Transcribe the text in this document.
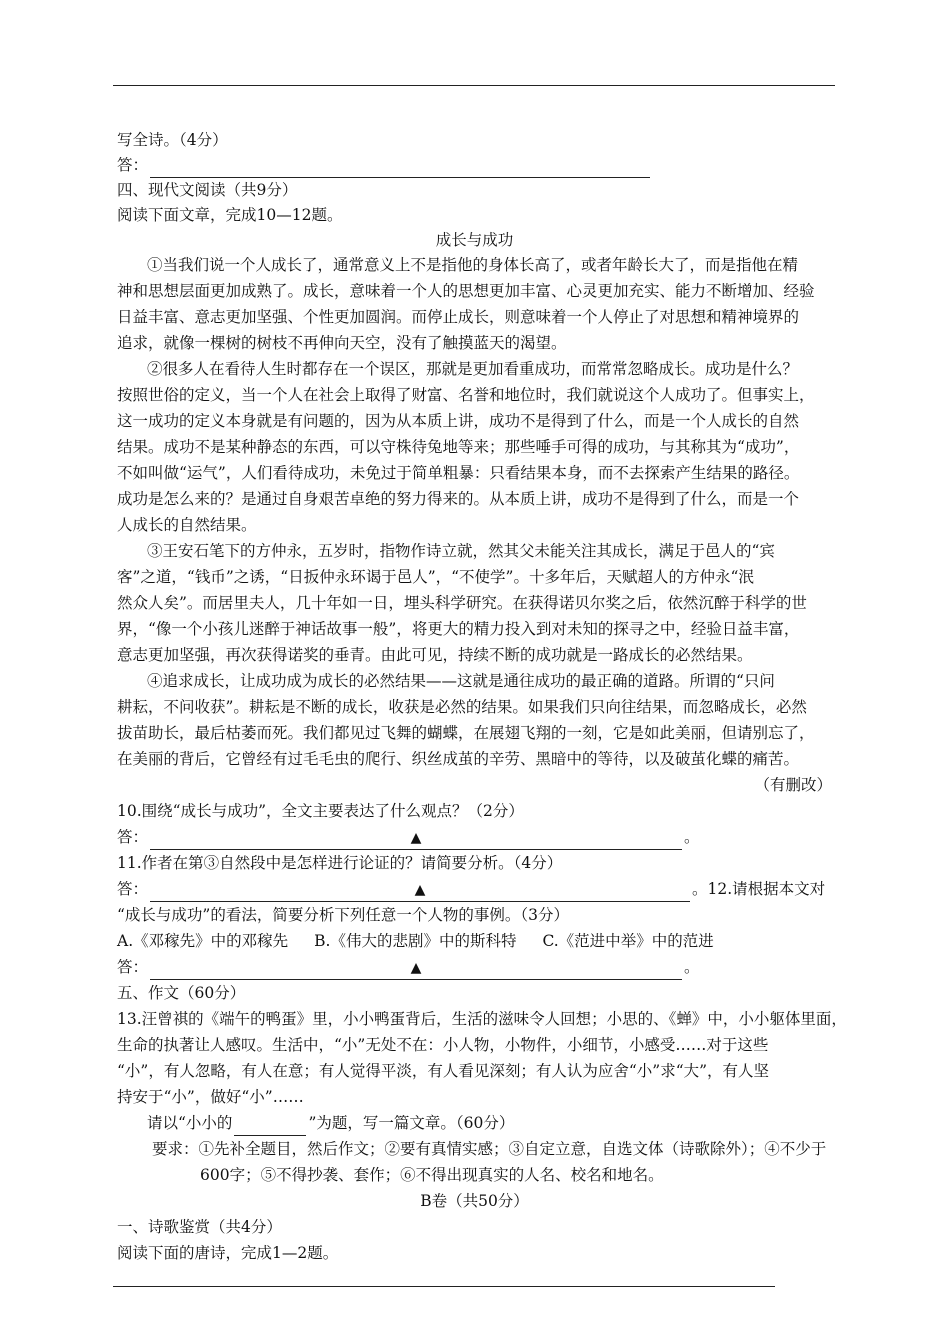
写全诗。（4分）
答：
四、现代文阅读（共9分）
阅读下面文章，完成10—12题。
成长与成功
①当我们说一个人成长了，通常意义上不是指他的身体长高了，或者年龄长大了，而是指他在精
神和思想层面更加成熟了。成长，意味着一个人的思想更加丰富、心灵更加充实、能力不断增加、经验
日益丰富、意志更加坚强、个性更加圆润。而停止成长，则意味着一个人停止了对思想和精神境界的
追求，就像一棵树的树枝不再伸向天空，没有了触摸蓝天的渴望。
②很多人在看待人生时都存在一个误区，那就是更加看重成功，而常常忽略成长。成功是什么？
按照世俗的定义，当一个人在社会上取得了财富、名誉和地位时，我们就说这个人成功了。但事实上，
这一成功的定义本身就是有问题的，因为从本质上讲，成功不是得到了什么，而是一个人成长的自然
结果。成功不是某种静态的东西，可以守株待兔地等来；那些唾手可得的成功，与其称其为“成功”，
不如叫做“运气”，人们看待成功，未免过于简单粗暴：只看结果本身，而不去探索产生结果的路径。
成功是怎么来的？是通过自身艰苦卓绝的努力得来的。从本质上讲，成功不是得到了什么，而是一个
人成长的自然结果。
③王安石笔下的方仲永，五岁时，指物作诗立就，然其父未能关注其成长，满足于邑人的“宾
客”之道，“钱币”之诱，“日扳仲永环谒于邑人”，“不使学”。十多年后，天赋超人的方仲永“泯
然众人矣”。而居里夫人，几十年如一日，埋头科学研究。在获得诺贝尔奖之后，依然沉醉于科学的世
界，“像一个小孩儿迷醉于神话故事一般”，将更大的精力投入到对未知的探寻之中，经验日益丰富，
意志更加坚强，再次获得诺奖的垂青。由此可见，持续不断的成功就是一路成长的必然结果。
④追求成长，让成功成为成长的必然结果——这就是通往成功的最正确的道路。所谓的“只问
耕耘，不问收获”。耕耘是不断的成长，收获是必然的结果。如果我们只向往结果，而忽略成长，必然
拔苗助长，最后枯萎而死。我们都见过飞舞的蝴蝶，在展翅飞翔的一刻，它是如此美丽，但请别忘了，
在美丽的背后，它曾经有过毛毛虫的爬行、织丝成茧的辛劳、黑暗中的等待，以及破茧化蝶的痛苦。
（有删改）
10.围绕“成长与成功”，全文主要表达了什么观点？（2分）
答：	▲	。
11.作者在第③自然段中是怎样进行论证的？请简要分析。（4分）
答：	▲	。12.请根据本文对
“成长与成功”的看法，简要分析下列任意一个人物的事例。（3分）
A.《邓稼先》中的邓稼先 B.《伟大的悲剧》中的斯科特 C.《范进中举》中的范进
答：	▲	。
五、作文（60分）
13.汪曾祺的《端午的鸭蛋》里，小小鸭蛋背后，生活的滋味令人回想；小思的、《蝉》中，小小躯体里面，
生命的执著让人感叹。生活中，“小”无处不在：小人物，小物件，小细节，小感受……对于这些
“小”，有人忽略，有人在意；有人觉得平淡，有人看见深刻；有人认为应舍“小”求“大”，有人坚
持安于“小”，做好“小”……
请以“小小的	”为题，写一篇文章。（60分）
要求：①先补全题目，然后作文；②要有真情实感；③自定立意，自选文体（诗歌除外）；④不少于
600字；⑤不得抄袭、套作；⑥不得出现真实的人名、校名和地名。
B卷（共50分）
一、诗歌鉴赏（共4分）
阅读下面的唐诗，完成1—2题。
